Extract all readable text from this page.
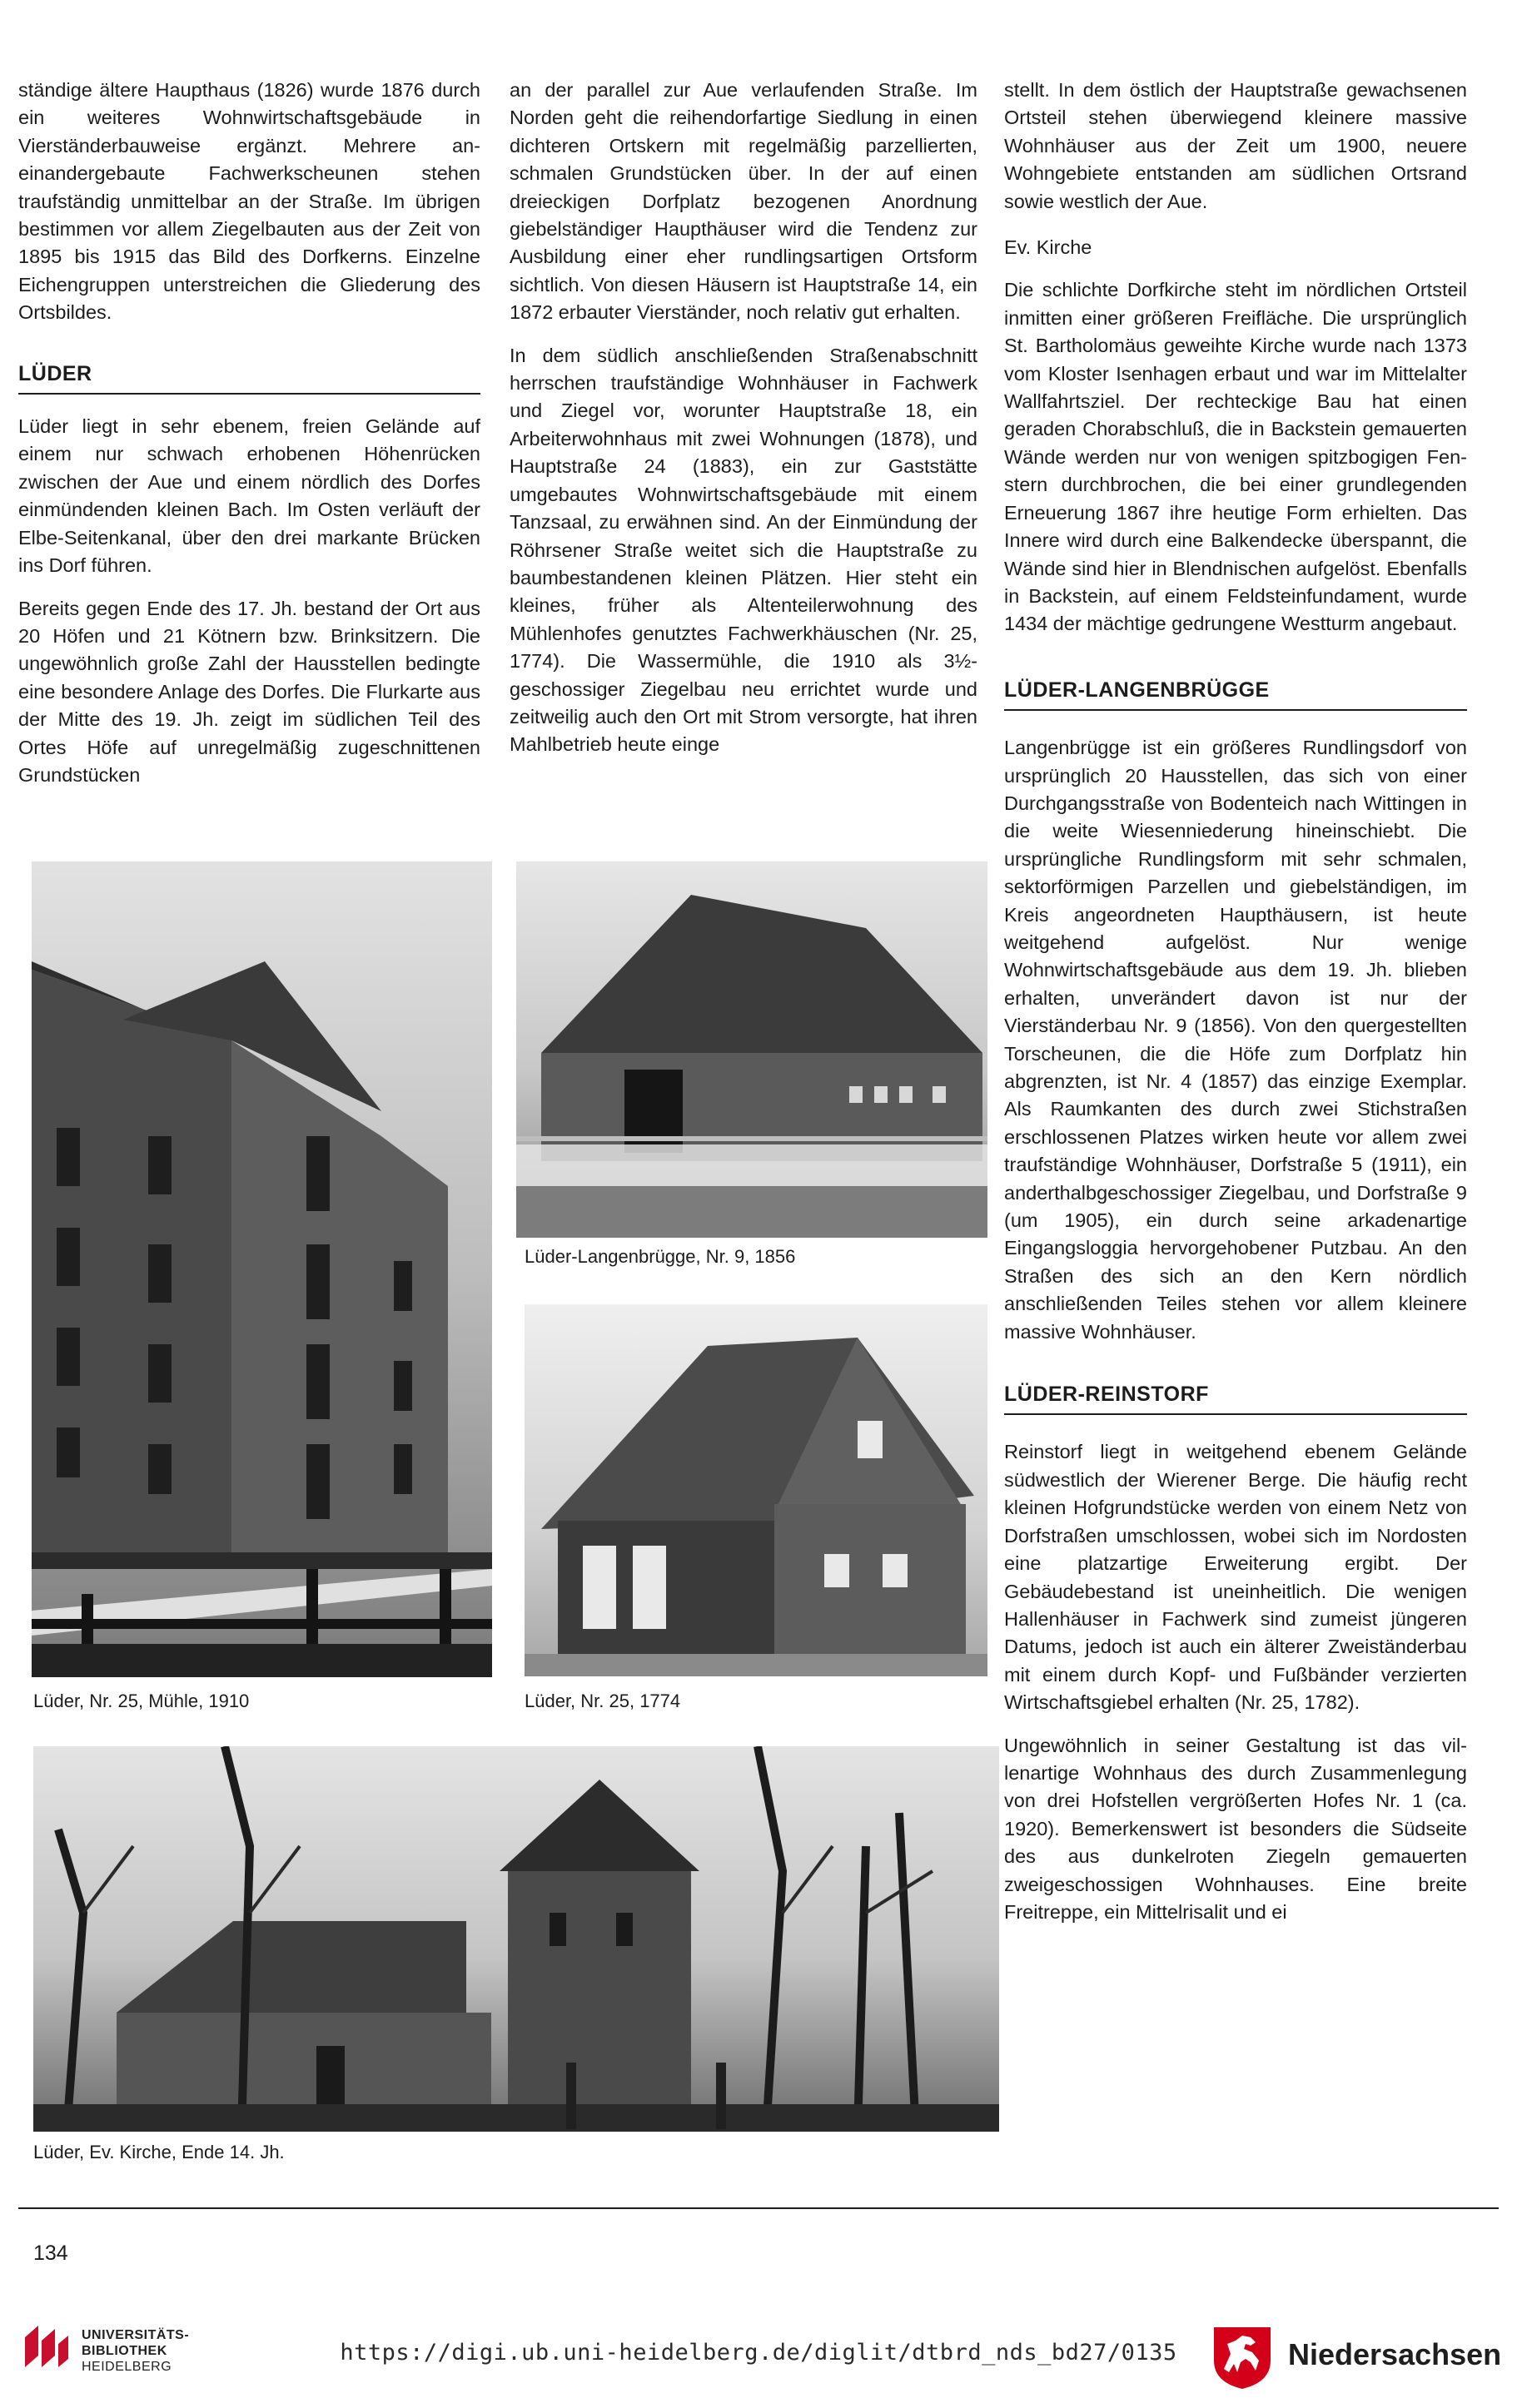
ständige ältere Haupthaus (1826) wurde 1876 durch ein weiteres Wohnwirtschaftsgebäude in Vierständerbauweise ergänzt. Mehrere aneinandergebaute Fachwerkscheunen stehen traufständig unmittelbar an der Straße. Im übrigen bestimmen vor allem Ziegelbauten aus der Zeit von 1895 bis 1915 das Bild des Dorfkerns. Einzelne Eichengruppen unterstreichen die Gliederung des Ortsbildes.

LÜDER

Lüder liegt in sehr ebenem, freien Gelände auf einem nur schwach erhobenen Höhenrücken zwischen der Aue und einem nördlich des Dorfes einmündenden kleinen Bach. Im Osten verläuft der Elbe-Seitenkanal, über den drei markante Brücken ins Dorf führen.

Bereits gegen Ende des 17. Jh. bestand der Ort aus 20 Höfen und 21 Kötnern bzw. Brinksitzern. Die ungewöhnlich große Zahl der Hausstellen bedingte eine besondere Anlage des Dorfes. Die Flurkarte aus der Mitte des 19. Jh. zeigt im südlichen Teil des Ortes Höfe auf unregelmäßig zugeschnittenen Grundstücken

an der parallel zur Aue verlaufenden Straße. Im Norden geht die reihendorfartige Siedlung in einen dichteren Ortskern mit regelmäßig parzellierten, schmalen Grundstücken über. In der auf einen dreieckigen Dorfplatz bezogenen Anordnung giebelständiger Haupthäuser wird die Tendenz zur Ausbildung einer eher rundlingsartigen Ortsform sichtlich. Von diesen Häusern ist Hauptstraße 14, ein 1872 erbauter Vierständer, noch relativ gut erhalten.

In dem südlich anschließenden Straßenabschnitt herrschen traufständige Wohnhäuser in Fachwerk und Ziegel vor, worunter Hauptstraße 18, ein Arbeiterwohnhaus mit zwei Wohnungen (1878), und Hauptstraße 24 (1883), ein zur Gaststätte umgebautes Wohnwirtschaftsgebäude mit einem Tanzsaal, zu erwähnen sind. An der Einmündung der Röhrsener Straße weitet sich die Hauptstraße zu baumbestandenen kleinen Plätzen. Hier steht ein kleines, früher als Altenteilerwohnung des Mühlenhofes genutztes Fachwerkhäuschen (Nr. 25, 1774). Die Wassermühle, die 1910 als 3½-geschossiger Ziegelbau neu errichtet wurde und zeitweilig auch den Ort mit Strom versorgte, hat ihren Mahlbetrieb heute einge

stellt. In dem östlich der Hauptstraße gewachsenen Ortsteil stehen überwiegend kleinere massive Wohnhäuser aus der Zeit um 1900, neuere Wohngebiete entstanden am südlichen Ortsrand sowie westlich der Aue.

Ev. Kirche

Die schlichte Dorfkirche steht im nördlichen Ortsteil inmitten einer größeren Freifläche. Die ursprünglich St. Bartholomäus geweihte Kirche wurde nach 1373 vom Kloster Isenhagen erbaut und war im Mittelalter Wallfahrtsziel. Der rechteckige Bau hat einen geraden Chorabschluß, die in Backstein gemauerten Wände werden nur von wenigen spitzbogigen Fenstern durchbrochen, die bei einer grundlegenden Erneuerung 1867 ihre heutige Form erhielten. Das Innere wird durch eine Balkendecke überspannt, die Wände sind hier in Blendnischen aufgelöst. Ebenfalls in Backstein, auf einem Feldsteinfundament, wurde 1434 der mächtige gedrungene Westturm angebaut.

LÜDER-LANGENBRÜGGE

Langenbrügge ist ein größeres Rundlingsdorf von ursprünglich 20 Hausstellen, das sich von einer Durchgangsstraße von Bodenteich nach Wittingen in die weite Wiesenniederung hineinschiebt. Die ursprüngliche Rundlingsform mit sehr schmalen, sektorförmigen Parzellen und giebelständigen, im Kreis angeordneten Haupthäusern, ist heute weitgehend aufgelöst. Nur wenige Wohnwirtschaftsgebäude aus dem 19. Jh. blieben erhalten, unverändert davon ist nur der Vierständerbau Nr. 9 (1856). Von den quergestellten Torscheunen, die die Höfe zum Dorfplatz hin abgrenzten, ist Nr. 4 (1857) das einzige Exemplar. Als Raumkanten des durch zwei Stichstraßen erschlossenen Platzes wirken heute vor allem zwei traufständige Wohnhäuser, Dorfstraße 5 (1911), ein anderthalbgeschossiger Ziegelbau, und Dorfstraße 9 (um 1905), ein durch seine arkadenartige Eingangsloggia hervorgehobener Putzbau. An den Straßen des sich an den Kern nördlich anschließenden Teiles stehen vor allem kleinere massive Wohnhäuser.

LÜDER-REINSTORF

Reinstorf liegt in weitgehend ebenem Gelände südwestlich der Wierener Berge. Die häufig recht kleinen Hofgrundstücke werden von einem Netz von Dorfstraßen umschlossen, wobei sich im Nordosten eine platzartige Erweiterung ergibt. Der Gebäudebestand ist uneinheitlich. Die wenigen Hallenhäuser in Fachwerk sind zumeist jüngeren Datums, jedoch ist auch ein älterer Zweiständerbau mit einem durch Kopf- und Fußbänder verzierten Wirtschaftsgiebel erhalten (Nr. 25, 1782).

Ungewöhnlich in seiner Gestaltung ist das villenartige Wohnhaus des durch Zusammenlegung von drei Hofstellen vergrößerten Hofes Nr. 1 (ca. 1920). Bemerkenswert ist besonders die Südseite des aus dunkelroten Ziegeln gemauerten zweigeschossigen Wohnhauses. Eine breite Freitreppe, ein Mittelrisalit und ei

Lüder, Nr. 25, Mühle, 1910
Lüder-Langenbrügge, Nr. 9, 1856
Lüder, Nr. 25, 1774
Lüder, Ev. Kirche, Ende 14. Jh.
134
UNIVERSITÄTS-
BIBLIOTHEK
HEIDELBERG
https://digi.ub.uni-heidelberg.de/diglit/dtbrd_nds_bd27/0135	Niedersachsen
